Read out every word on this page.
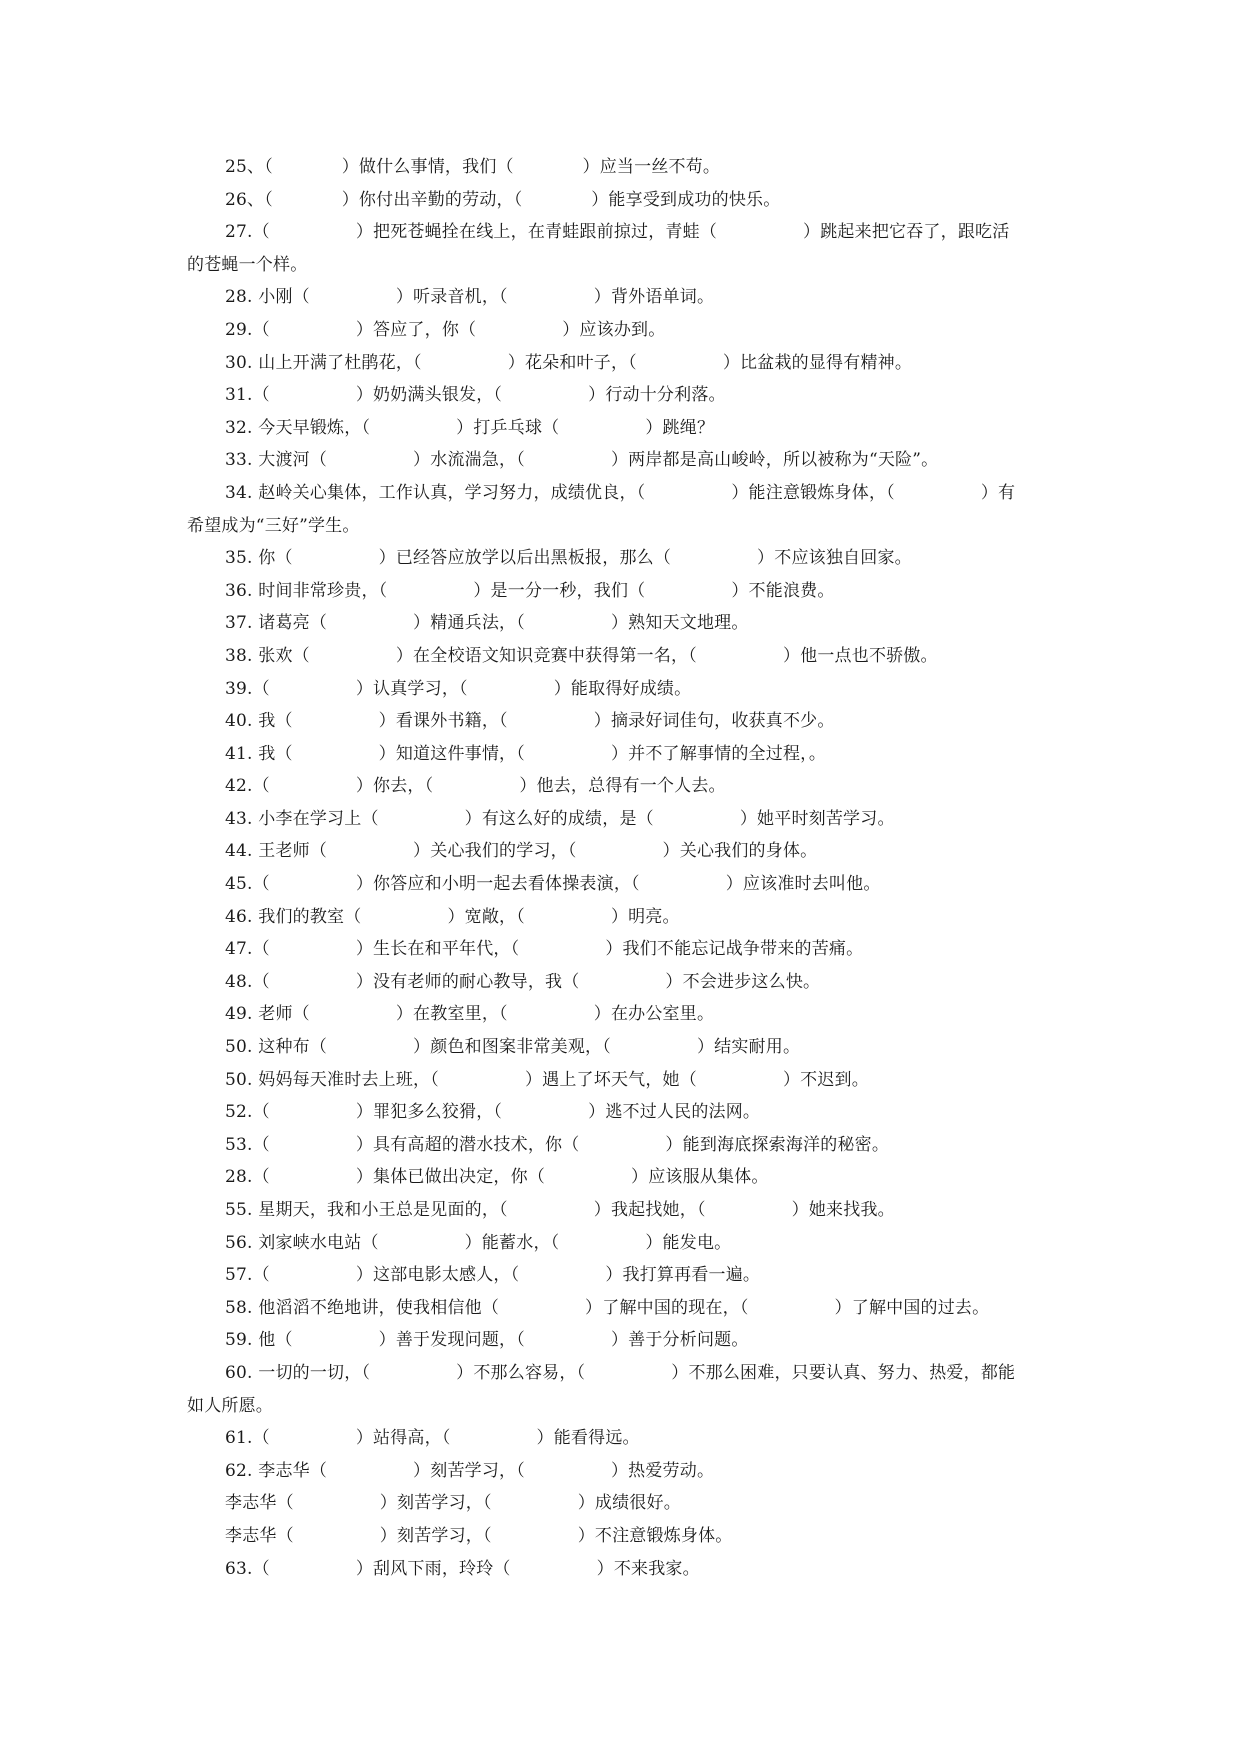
25、（　　　　）做什么事情，我们（　　　　）应当一丝不苟。
26、（　　　　）你付出辛勤的劳动，（　　　　）能享受到成功的快乐。
27.（　　　　　）把死苍蝇拴在线上，在青蛙跟前掠过，青蛙（　　　　　）跳起来把它吞了，跟吃活
的苍蝇一个样。
28. 小刚（　　　　　）听录音机，（　　　　　）背外语单词。
29.（　　　　　）答应了，你（　　　　　）应该办到。
30. 山上开满了杜鹃花，（　　　　　）花朵和叶子，（　　　　　）比盆栽的显得有精神。
31.（　　　　　）奶奶满头银发，（　　　　　）行动十分利落。
32. 今天早锻炼，（　　　　　）打乒乓球（　　　　　）跳绳？
33. 大渡河（　　　　　）水流湍急，（　　　　　）两岸都是高山峻岭，所以被称为“天险”。
34. 赵岭关心集体，工作认真，学习努力，成绩优良，（　　　　　）能注意锻炼身体，（　　　　　）有
希望成为“三好”学生。
35. 你（　　　　　）已经答应放学以后出黑板报，那么（　　　　　）不应该独自回家。
36. 时间非常珍贵，（　　　　　）是一分一秒，我们（　　　　　）不能浪费。
37. 诸葛亮（　　　　　）精通兵法，（　　　　　）熟知天文地理。
38. 张欢（　　　　　）在全校语文知识竞赛中获得第一名，（　　　　　）他一点也不骄傲。
39.（　　　　　）认真学习，（　　　　　）能取得好成绩。
40. 我（　　　　　）看课外书籍，（　　　　　）摘录好词佳句，收获真不少。
41. 我（　　　　　）知道这件事情，（　　　　　）并不了解事情的全过程，。
42.（　　　　　）你去，（　　　　　）他去，总得有一个人去。
43. 小李在学习上（　　　　　）有这么好的成绩，是（　　　　　）她平时刻苦学习。
44. 王老师（　　　　　）关心我们的学习，（　　　　　）关心我们的身体。
45.（　　　　　）你答应和小明一起去看体操表演，（　　　　　）应该准时去叫他。
46. 我们的教室（　　　　　）宽敞，（　　　　　）明亮。
47.（　　　　　）生长在和平年代，（　　　　　）我们不能忘记战争带来的苦痛。
48.（　　　　　）没有老师的耐心教导，我（　　　　　）不会进步这么快。
49. 老师（　　　　　）在教室里，（　　　　　）在办公室里。
50. 这种布（　　　　　）颜色和图案非常美观，（　　　　　）结实耐用。
50. 妈妈每天准时去上班，（　　　　　）遇上了坏天气，她（　　　　　）不迟到。
52.（　　　　　）罪犯多么狡猾，（　　　　　）逃不过人民的法网。
53.（　　　　　）具有高超的潜水技术，你（　　　　　）能到海底探索海洋的秘密。
28.（　　　　　）集体已做出决定，你（　　　　　）应该服从集体。
55. 星期天，我和小王总是见面的，（　　　　　）我起找她，（　　　　　）她来找我。
56. 刘家峡水电站（　　　　　）能蓄水，（　　　　　）能发电。
57.（　　　　　）这部电影太感人，（　　　　　）我打算再看一遍。
58. 他滔滔不绝地讲，使我相信他（　　　　　）了解中国的现在，（　　　　　）了解中国的过去。
59. 他（　　　　　）善于发现问题，（　　　　　）善于分析问题。
60. 一切的一切，（　　　　　）不那么容易，（　　　　　）不那么困难，只要认真、努力、热爱，都能
如人所愿。
61.（　　　　　）站得高，（　　　　　）能看得远。
62. 李志华（　　　　　）刻苦学习，（　　　　　）热爱劳动。
李志华（　　　　　）刻苦学习，（　　　　　）成绩很好。
李志华（　　　　　）刻苦学习，（　　　　　）不注意锻炼身体。
63.（　　　　　）刮风下雨，玲玲（　　　　　）不来我家。
